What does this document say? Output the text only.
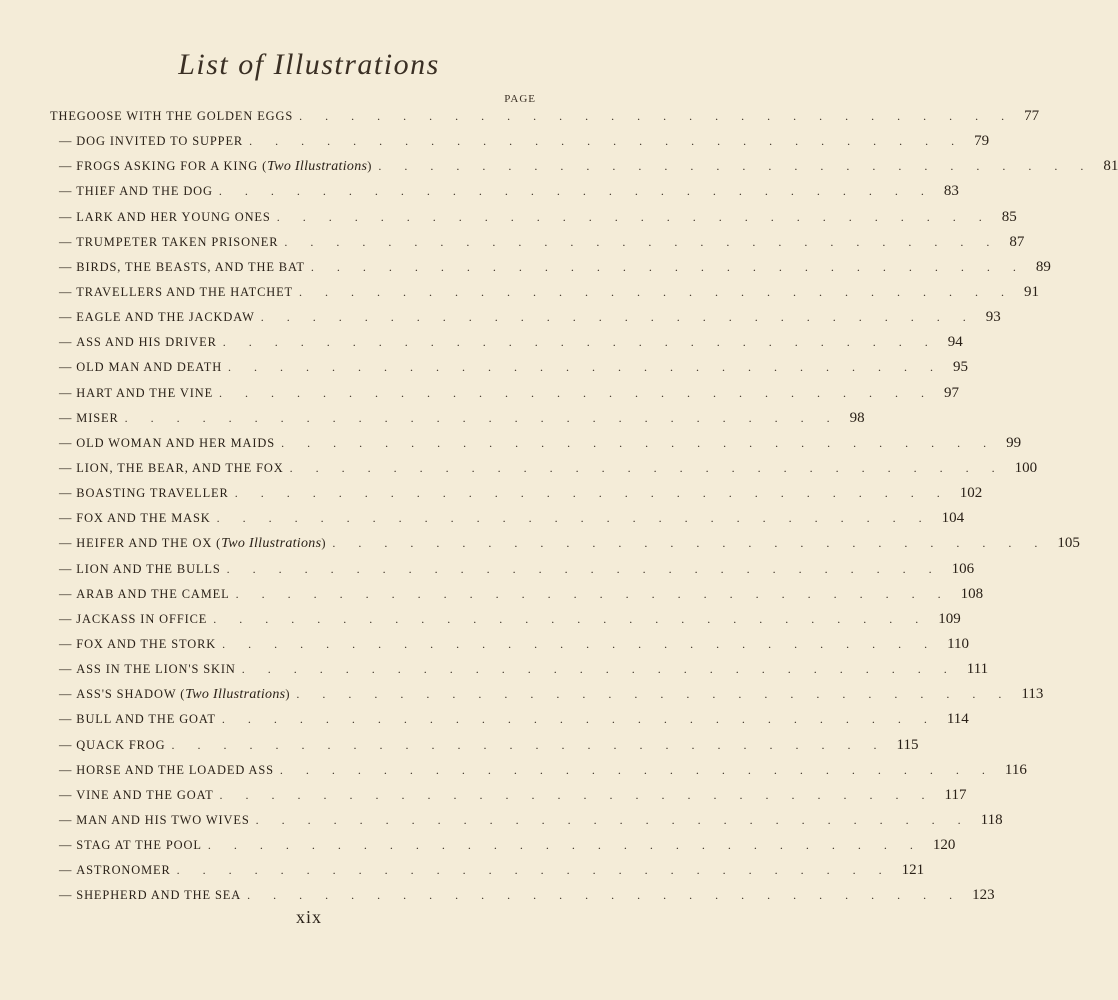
List of Illustrations
PAGE
THE GOOSE WITH THE GOLDEN EGGS . . . . . . . . . . . . . . . . . . . . . . . . . . . . 77
— DOG INVITED TO SUPPER . . . . . . . . . . . . . . . . . . . . . . . . . . . . 79
— FROGS ASKING FOR A KING (Two Illustrations) . . . . . . . . . . . . . . . . . . . . . . . . . . . . 81
— THIEF AND THE DOG . . . . . . . . . . . . . . . . . . . . . . . . . . . . 83
— LARK AND HER YOUNG ONES . . . . . . . . . . . . . . . . . . . . . . . . . . . . 85
— TRUMPETER TAKEN PRISONER . . . . . . . . . . . . . . . . . . . . . . . . . . . . 87
— BIRDS, THE BEASTS, AND THE BAT . . . . . . . . . . . . . . . . . . . . . . . . . . . . 89
— TRAVELLERS AND THE HATCHET . . . . . . . . . . . . . . . . . . . . . . . . . . . . 91
— EAGLE AND THE JACKDAW . . . . . . . . . . . . . . . . . . . . . . . . . . . . 93
— ASS AND HIS DRIVER . . . . . . . . . . . . . . . . . . . . . . . . . . . . 94
— OLD MAN AND DEATH . . . . . . . . . . . . . . . . . . . . . . . . . . . . 95
— HART AND THE VINE . . . . . . . . . . . . . . . . . . . . . . . . . . . . 97
— MISER . . . . . . . . . . . . . . . . . . . . . . . . . . . . 98
— OLD WOMAN AND HER MAIDS . . . . . . . . . . . . . . . . . . . . . . . . . . . . 99
— LION, THE BEAR, AND THE FOX . . . . . . . . . . . . . . . . . . . . . . . . . . . . 100
— BOASTING TRAVELLER . . . . . . . . . . . . . . . . . . . . . . . . . . . . 102
— FOX AND THE MASK . . . . . . . . . . . . . . . . . . . . . . . . . . . . 104
— HEIFER AND THE OX (Two Illustrations) . . . . . . . . . . . . . . . . . . . . . . . . . . . . 105
— LION AND THE BULLS . . . . . . . . . . . . . . . . . . . . . . . . . . . . 106
— ARAB AND THE CAMEL . . . . . . . . . . . . . . . . . . . . . . . . . . . . 108
— JACKASS IN OFFICE . . . . . . . . . . . . . . . . . . . . . . . . . . . . 109
— FOX AND THE STORK . . . . . . . . . . . . . . . . . . . . . . . . . . . . 110
— ASS IN THE LION'S SKIN . . . . . . . . . . . . . . . . . . . . . . . . . . . . 111
— ASS'S SHADOW (Two Illustrations) . . . . . . . . . . . . . . . . . . . . . . . . . . . . 113
— BULL AND THE GOAT . . . . . . . . . . . . . . . . . . . . . . . . . . . . 114
— QUACK FROG . . . . . . . . . . . . . . . . . . . . . . . . . . . . 115
— HORSE AND THE LOADED ASS . . . . . . . . . . . . . . . . . . . . . . . . . . . . 116
— VINE AND THE GOAT . . . . . . . . . . . . . . . . . . . . . . . . . . . . 117
— MAN AND HIS TWO WIVES . . . . . . . . . . . . . . . . . . . . . . . . . . . . 118
— STAG AT THE POOL . . . . . . . . . . . . . . . . . . . . . . . . . . . . 120
— ASTRONOMER . . . . . . . . . . . . . . . . . . . . . . . . . . . . 121
— SHEPHERD AND THE SEA . . . . . . . . . . . . . . . . . . . . . . . . . . . . 123
xix
